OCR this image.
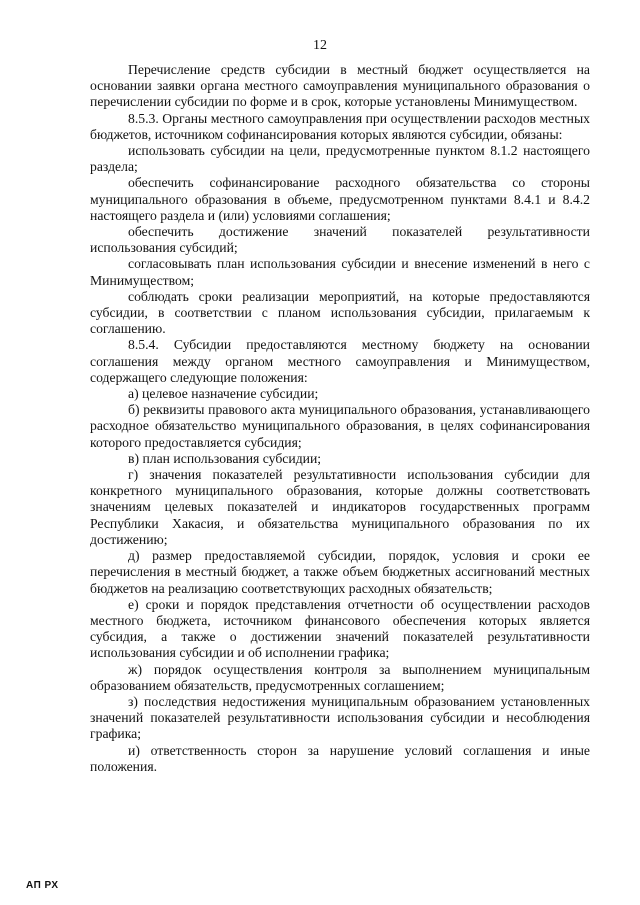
12

Перечисление средств субсидии в местный бюджет осуществляется на основании заявки органа местного самоуправления муниципального образования о перечислении субсидии по форме и в срок, которые установлены Минимуществом.

8.5.3. Органы местного самоуправления при осуществлении расходов местных бюджетов, источником софинансирования которых являются субсидии, обязаны:

использовать субсидии на цели, предусмотренные пунктом 8.1.2 настоящего раздела;

обеспечить софинансирование расходного обязательства со стороны муниципального образования в объеме, предусмотренном пунктами 8.4.1 и 8.4.2 настоящего раздела и (или) условиями соглашения;

обеспечить достижение значений показателей результативности использования субсидий;

согласовывать план использования субсидии и внесение изменений в него с Минимуществом;

соблюдать сроки реализации мероприятий, на которые предоставляются субсидии, в соответствии с планом использования субсидии, прилагаемым к соглашению.

8.5.4. Субсидии предоставляются местному бюджету на основании соглашения между органом местного самоуправления и Минимуществом, содержащего следующие положения:

а) целевое назначение субсидии;

б) реквизиты правового акта муниципального образования, устанавливающего расходное обязательство муниципального образования, в целях софинансирования которого предоставляется субсидия;

в) план использования субсидии;

г) значения показателей результативности использования субсидии для конкретного муниципального образования, которые должны соответствовать значениям целевых показателей и индикаторов государственных программ Республики Хакасия, и обязательства муниципального образования по их достижению;

д) размер предоставляемой субсидии, порядок, условия и сроки ее перечисления в местный бюджет, а также объем бюджетных ассигнований местных бюджетов на реализацию соответствующих расходных обязательств;

е) сроки и порядок представления отчетности об осуществлении расходов местного бюджета, источником финансового обеспечения которых является субсидия, а также о достижении значений показателей результативности использования субсидии и об исполнении графика;

ж) порядок осуществления контроля за выполнением муниципальным образованием обязательств, предусмотренных соглашением;

з) последствия недостижения муниципальным образованием установленных значений показателей результативности использования субсидии и несоблюдения графика;

и) ответственность сторон за нарушение условий соглашения и иные положения.

АП РХ
